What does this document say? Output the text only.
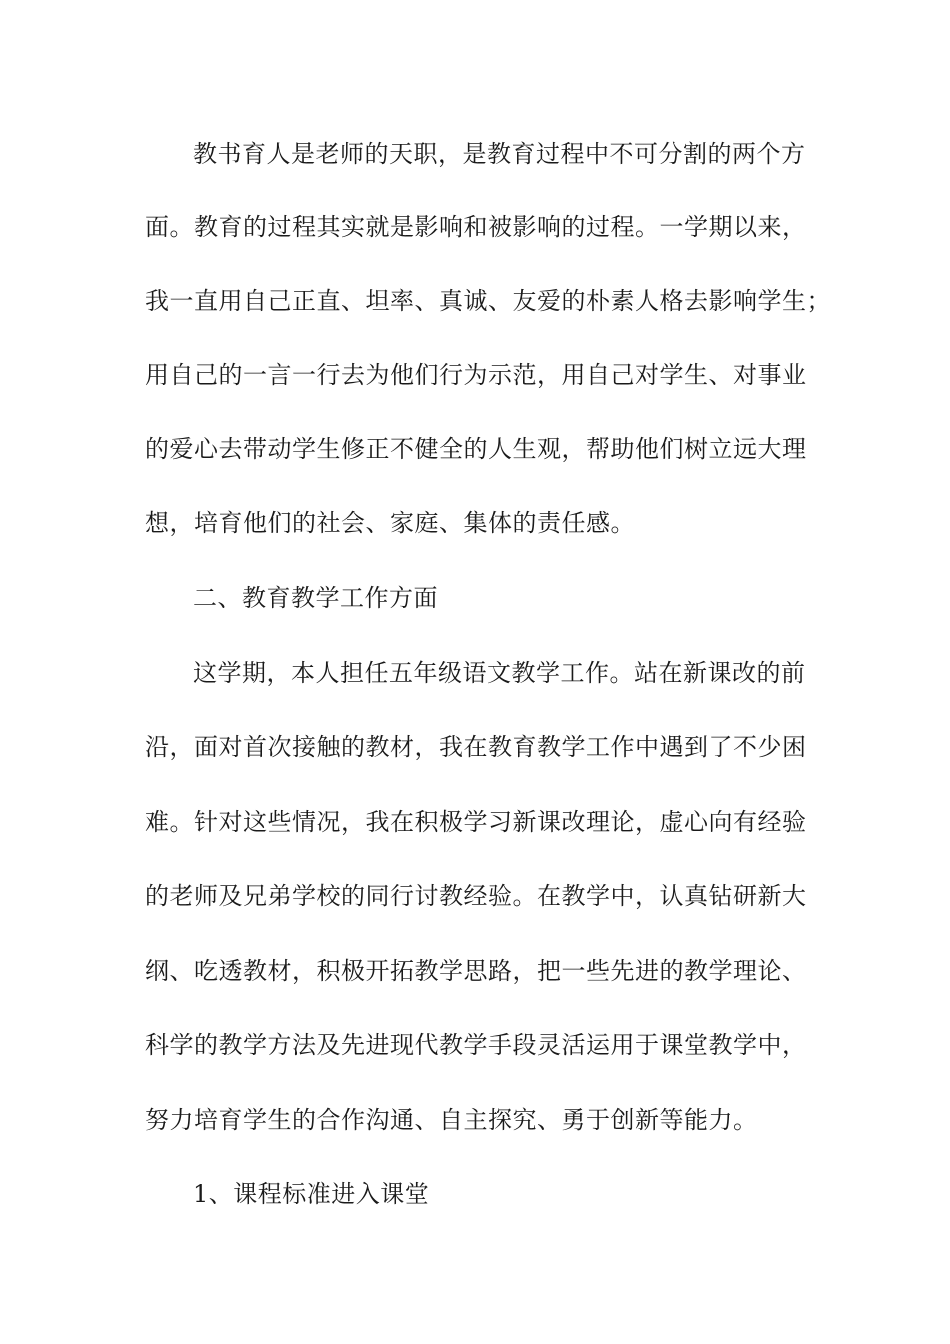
教书育人是老师的天职，是教育过程中不可分割的两个方
面。教育的过程其实就是影响和被影响的过程。一学期以来，
我一直用自己正直、坦率、真诚、友爱的朴素人格去影响学生；
用自己的一言一行去为他们行为示范，用自己对学生、对事业
的爱心去带动学生修正不健全的人生观，帮助他们树立远大理
想，培育他们的社会、家庭、集体的责任感。
二、教育教学工作方面
这学期，本人担任五年级语文教学工作。站在新课改的前
沿，面对首次接触的教材，我在教育教学工作中遇到了不少困
难。针对这些情况，我在积极学习新课改理论，虚心向有经验
的老师及兄弟学校的同行讨教经验。在教学中，认真钻研新大
纲、吃透教材，积极开拓教学思路，把一些先进的教学理论、
科学的教学方法及先进现代教学手段灵活运用于课堂教学中，
努力培育学生的合作沟通、自主探究、勇于创新等能力。
1、课程标准进入课堂
